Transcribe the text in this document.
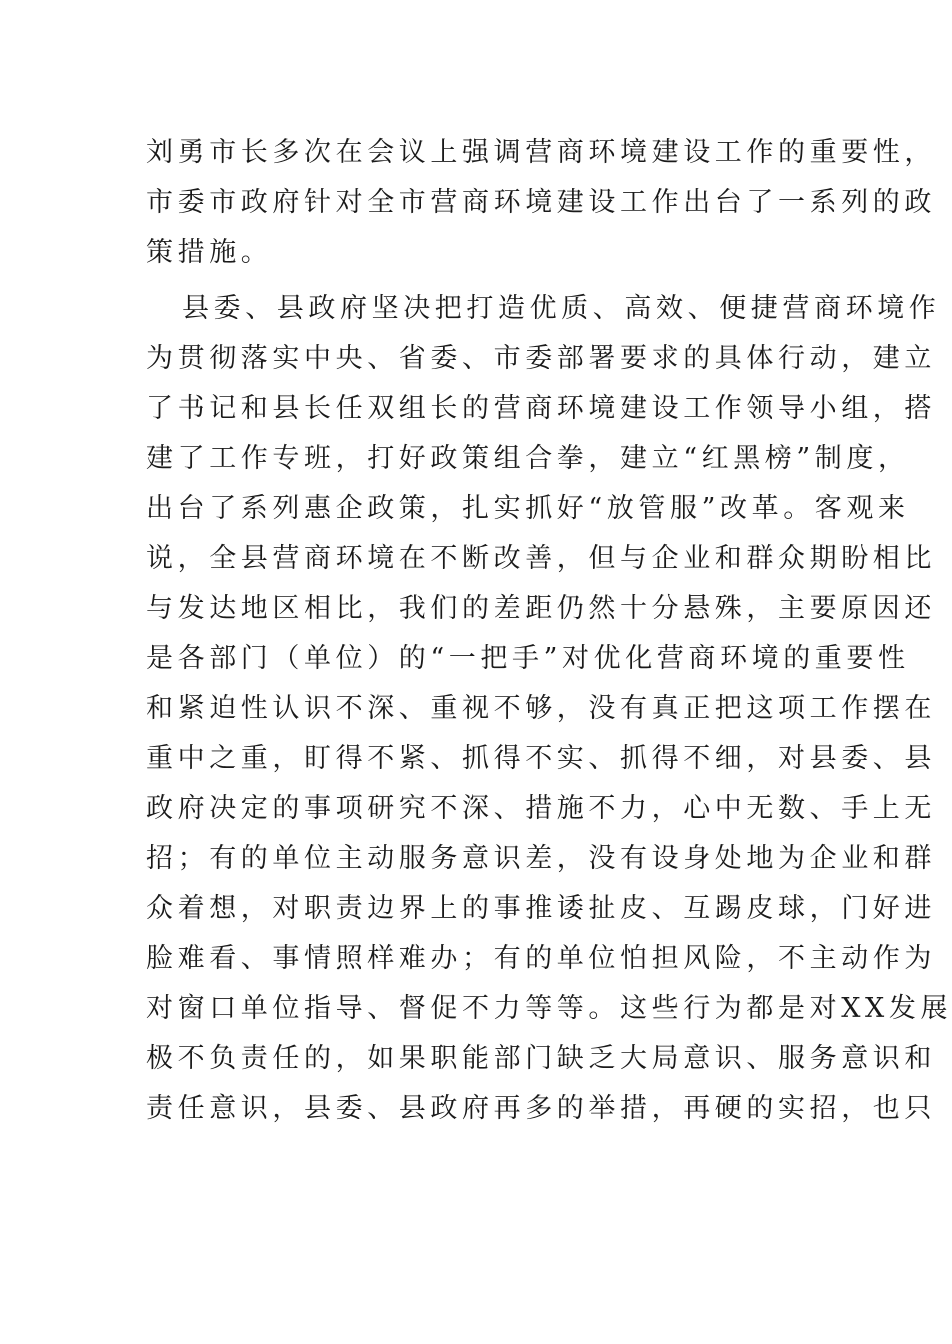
刘勇市长多次在会议上强调营商环境建设工作的重要性，
市委市政府针对全市营商环境建设工作出台了一系列的政
策措施。
县委、县政府坚决把打造优质、高效、便捷营商环境作
为贯彻落实中央、省委、市委部署要求的具体行动，建立
了书记和县长任双组长的营商环境建设工作领导小组，搭
建了工作专班，打好政策组合拳，建立“红黑榜”制度，
出台了系列惠企政策，扎实抓好“放管服”改革。客观来
说，全县营商环境在不断改善，但与企业和群众期盼相比
与发达地区相比，我们的差距仍然十分悬殊，主要原因还
是各部门（单位）的“一把手”对优化营商环境的重要性
和紧迫性认识不深、重视不够，没有真正把这项工作摆在
重中之重，盯得不紧、抓得不实、抓得不细，对县委、县
政府决定的事项研究不深、措施不力，心中无数、手上无
招；有的单位主动服务意识差，没有设身处地为企业和群
众着想，对职责边界上的事推诿扯皮、互踢皮球，门好进
脸难看、事情照样难办；有的单位怕担风险，不主动作为
对窗口单位指导、督促不力等等。这些行为都是对XX发展
极不负责任的，如果职能部门缺乏大局意识、服务意识和
责任意识，县委、县政府再多的举措，再硬的实招，也只
